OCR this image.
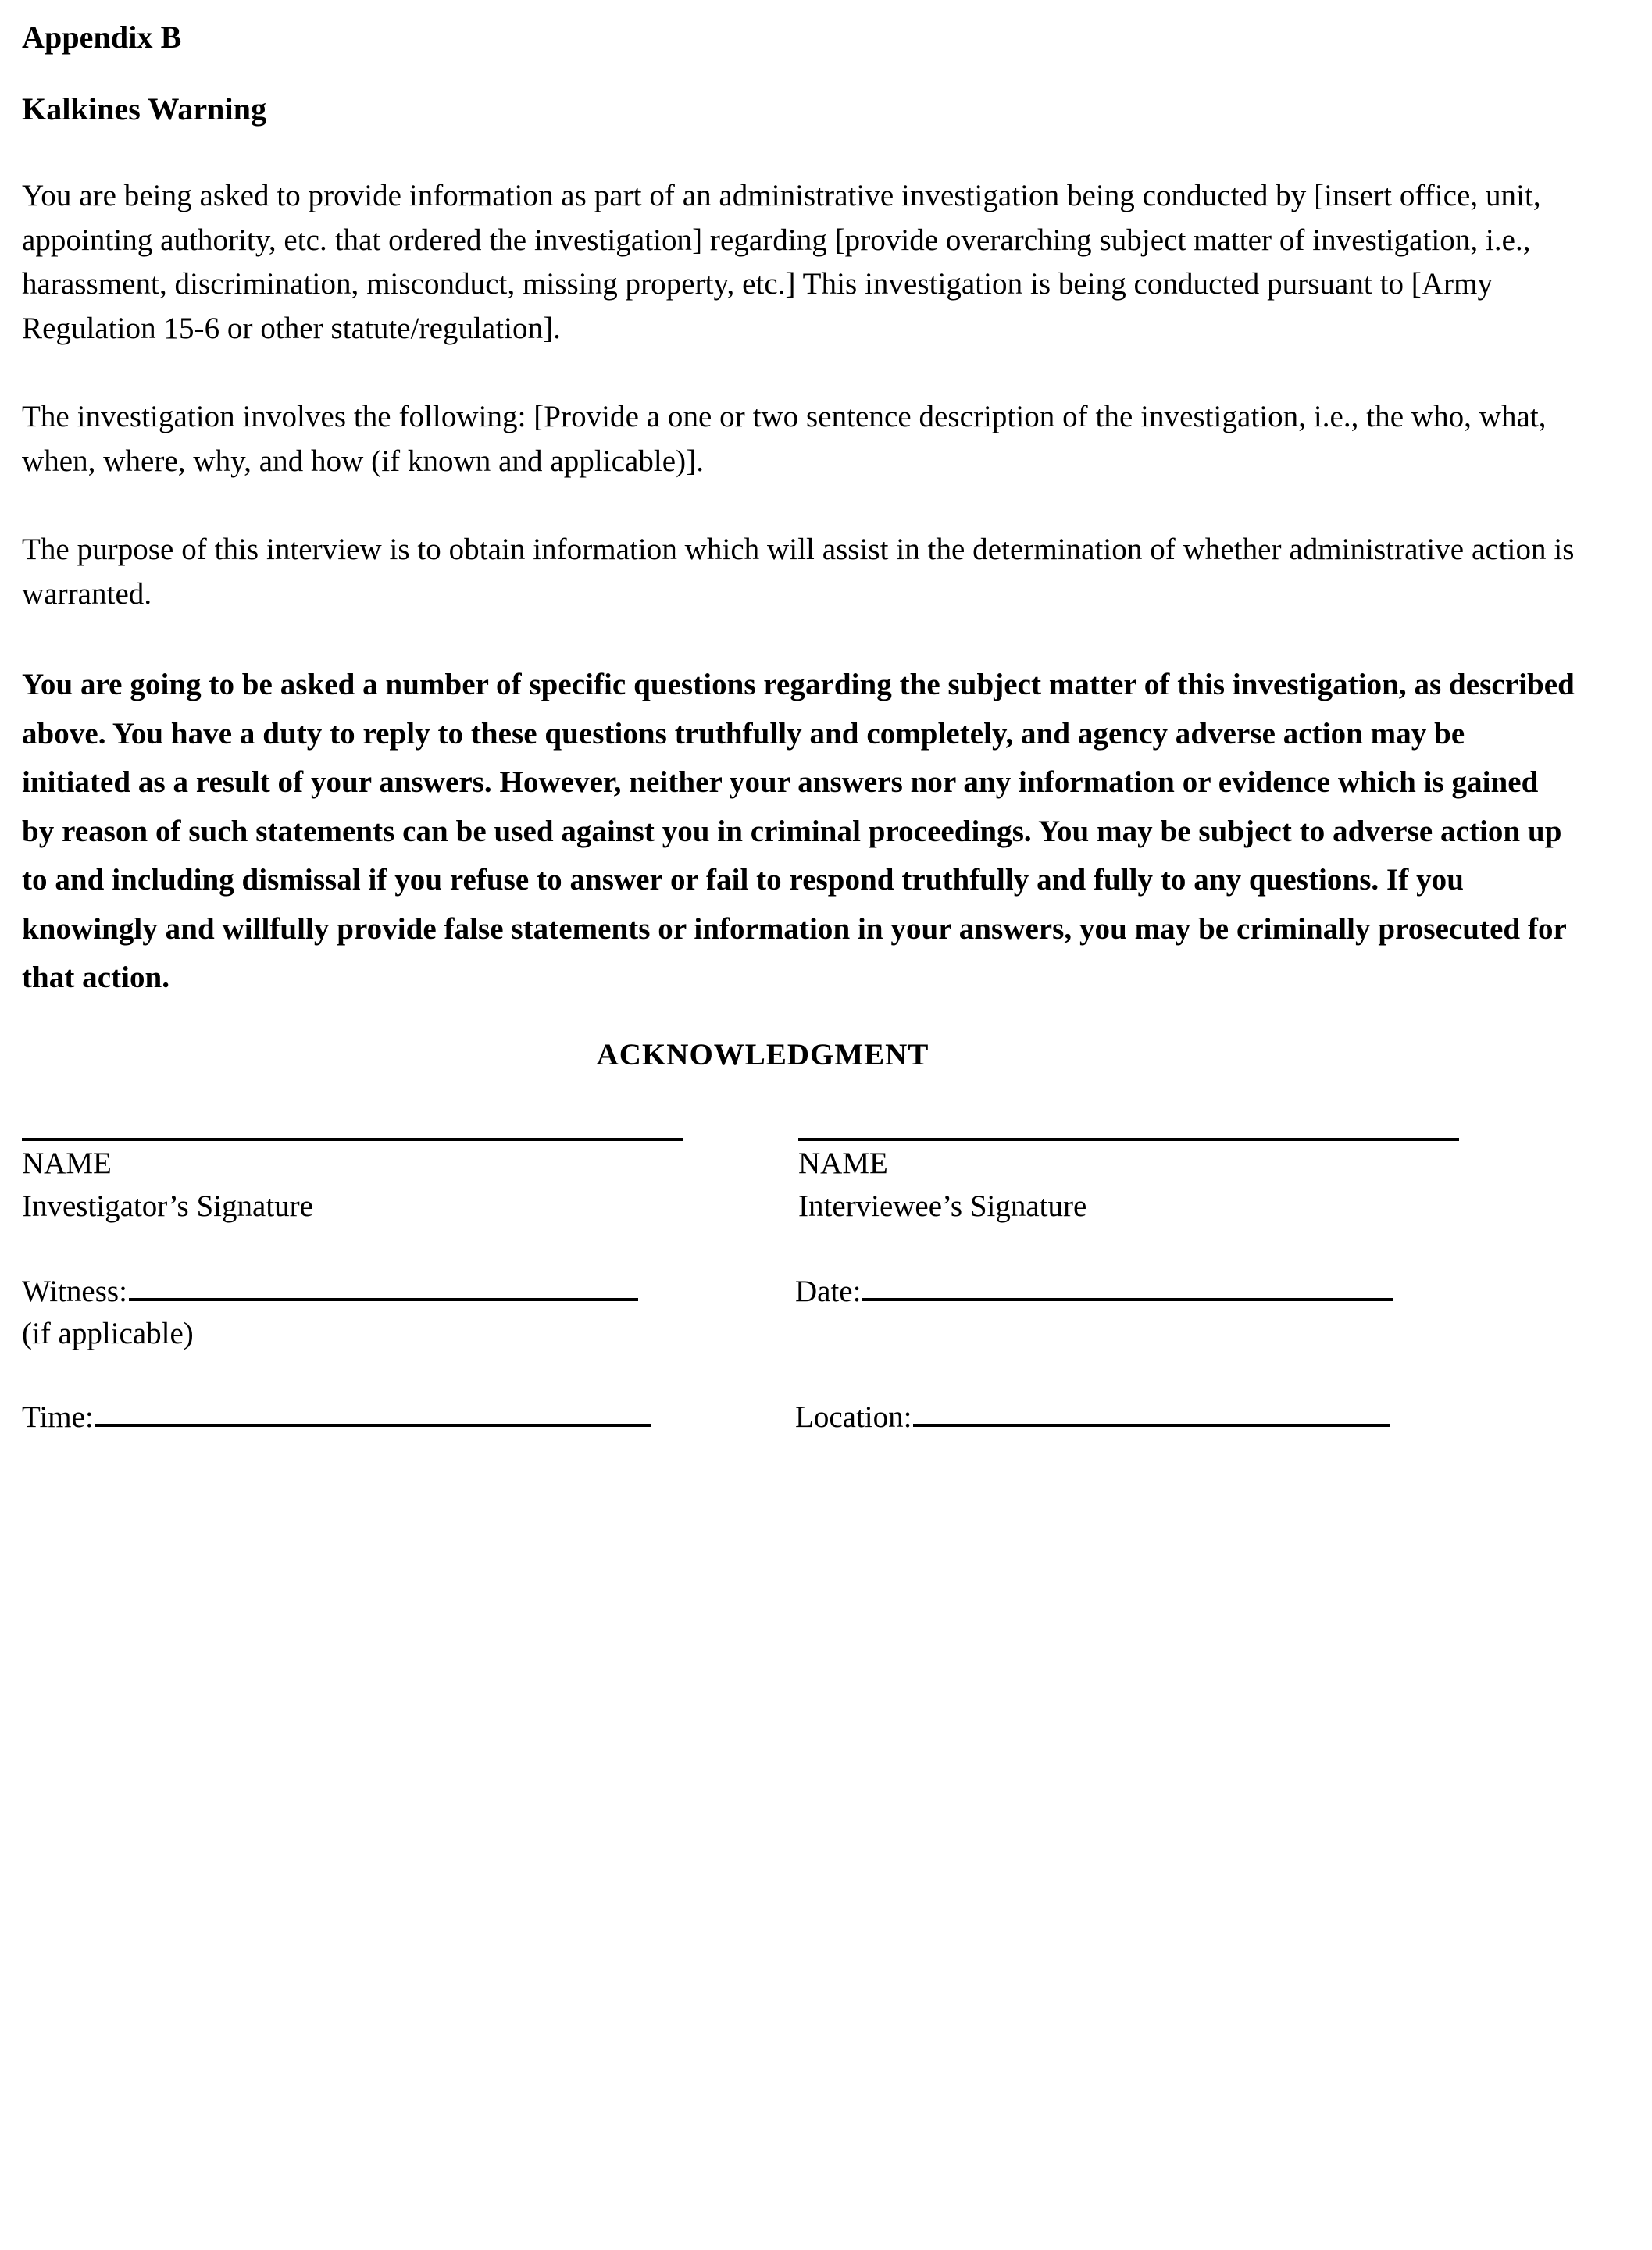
Appendix B
Kalkines Warning

You are being asked to provide information as part of an administrative investigation being conducted by [insert office, unit, appointing authority, etc. that ordered the investigation] regarding [provide overarching subject matter of investigation, i.e., harassment, discrimination, misconduct, missing property, etc.] This investigation is being conducted pursuant to [Army Regulation 15-6 or other statute/regulation].

The investigation involves the following: [Provide a one or two sentence description of the investigation, i.e., the who, what, when, where, why, and how (if known and applicable)].

The purpose of this interview is to obtain information which will assist in the determination of whether administrative action is warranted.

You are going to be asked a number of specific questions regarding the subject matter of this investigation, as described above. You have a duty to reply to these questions truthfully and completely, and agency adverse action may be initiated as a result of your answers. However, neither your answers nor any information or evidence which is gained by reason of such statements can be used against you in criminal proceedings. You may be subject to adverse action up to and including dismissal if you refuse to answer or fail to respond truthfully and fully to any questions. If you knowingly and willfully provide false statements or information in your answers, you may be criminally prosecuted for that action.

ACKNOWLEDGMENT

NAME

Investigator’s Signature

NAME

Interviewee’s Signature

Witness:	Date:

(if applicable)

Time:	Location:
